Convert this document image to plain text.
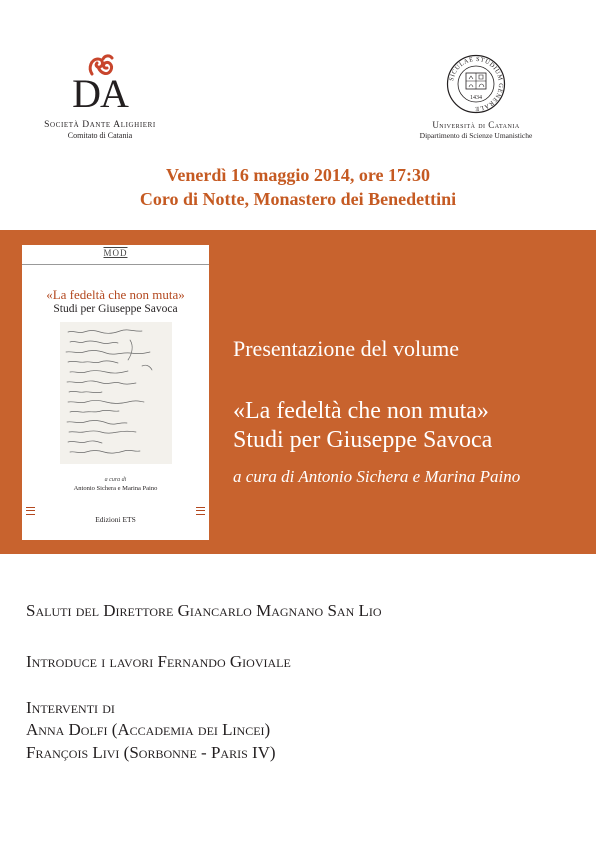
DA
Società Dante Alighieri
Comitato di Catania
SICULAE STUDIUM GENERALE
1434
Università di Catania
Dipartimento di Scienze Umanistiche
Venerdì 16 maggio 2014, ore 17:30
Coro di Notte, Monastero dei Benedettini
MOD
«La fedeltà che non muta»
Studi per Giuseppe Savoca
a cura di
Antonio Sichera e Marina Paino
Edizioni ETS
Presentazione del volume
«La fedeltà che non muta»
Studi per Giuseppe Savoca
a cura di Antonio Sichera e Marina Paino
Saluti del Direttore Giancarlo Magnano San Lio
Introduce i lavori Fernando Gioviale
Interventi di
Anna Dolfi (Accademia dei Lincei)
François Livi (Sorbonne - Paris IV)
